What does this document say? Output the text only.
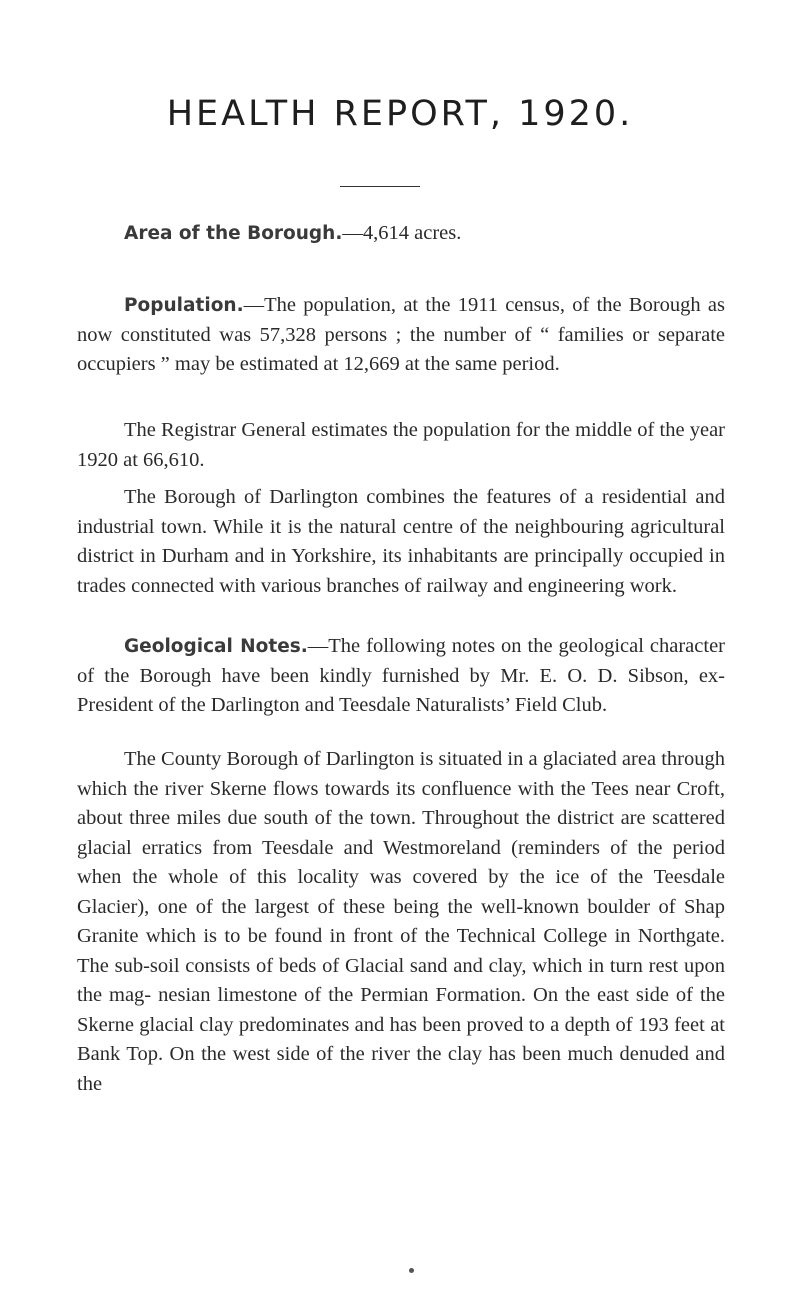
HEALTH REPORT, 1920.

Area of the Borough.—4,614 acres.

Population.—The population, at the 1911 census, of the Borough as now constituted was 57,328 persons ; the number of “ families or separate occupiers ” may be estimated at 12,669 at the same period.

The Registrar General estimates the population for the middle of the year 1920 at 66,610.

The Borough of Darlington combines the features of a residential and industrial town. While it is the natural centre of the neighbouring agricultural district in Durham and in Yorkshire, its inhabitants are principally occupied in trades connected with various branches of railway and engineering work.

Geological Notes.—The following notes on the geological character of the Borough have been kindly furnished by Mr. E. O. D. Sibson, ex-President of the Darlington and Teesdale Naturalists’ Field Club.

The County Borough of Darlington is situated in a glaciated area through which the river Skerne flows towards its confluence with the Tees near Croft, about three miles due south of the town. Throughout the district are scattered glacial erratics from Teesdale and Westmoreland (reminders of the period when the whole of this locality was covered by the ice of the Teesdale Glacier), one of the largest of these being the well-known boulder of Shap Granite which is to be found in front of the Technical College in Northgate. The sub-soil consists of beds of Glacial sand and clay, which in turn rest upon the mag- nesian limestone of the Permian Formation. On the east side of the Skerne glacial clay predominates and has been proved to a depth of 193 feet at Bank Top. On the west side of the river the clay has been much denuded and the
